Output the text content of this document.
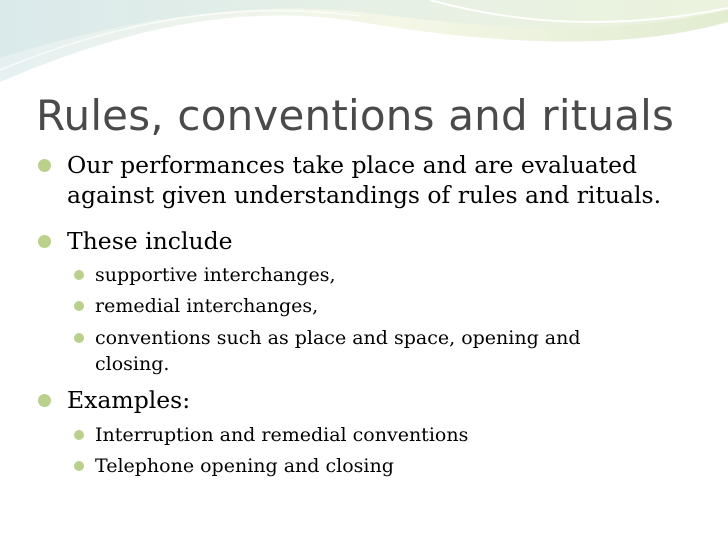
Rules, conventions and rituals
Our performances take place and are evaluated
against given understandings of rules and rituals.
These include
supportive interchanges,
remedial interchanges,
conventions such as place and space, opening and
closing.
Examples:
Interruption and remedial conventions
Telephone opening and closing
